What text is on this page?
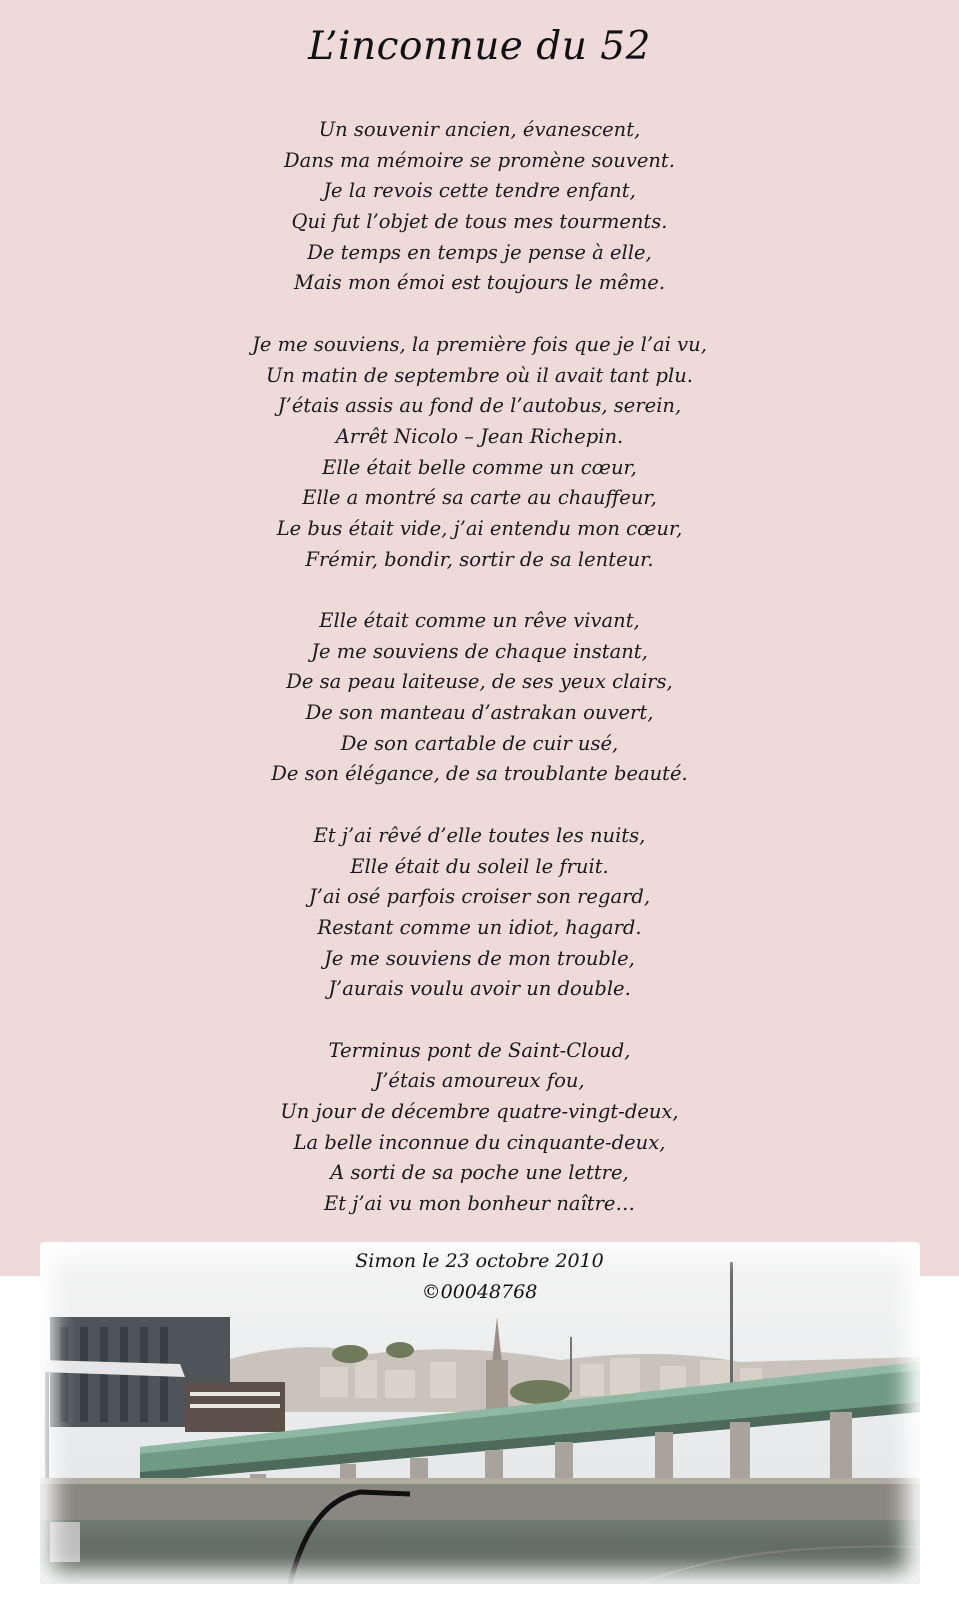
L’inconnue du 52
Un souvenir ancien, évanescent,
Dans ma mémoire se promène souvent.
Je la revois cette tendre enfant,
Qui fut l’objet de tous mes tourments.
De temps en temps je pense à elle,
Mais mon émoi est toujours le même.
Je me souviens, la première fois que je l’ai vu,
Un matin de septembre où il avait tant plu.
J’étais assis au fond de l’autobus, serein,
Arrêt Nicolo – Jean Richepin.
Elle était belle comme un cœur,
Elle a montré sa carte au chauffeur,
Le bus était vide, j’ai entendu mon cœur,
Frémir, bondir, sortir de sa lenteur.
Elle était comme un rêve vivant,
Je me souviens de chaque instant,
De sa peau laiteuse, de ses yeux clairs,
De son manteau d’astrakan ouvert,
De son cartable de cuir usé,
De son élégance, de sa troublante beauté.
Et j’ai rêvé d’elle toutes les nuits,
Elle était du soleil le fruit.
J’ai osé parfois croiser son regard,
Restant comme un idiot, hagard.
Je me souviens de mon trouble,
J’aurais voulu avoir un double.
Terminus pont de Saint-Cloud,
J’étais amoureux fou,
Un jour de décembre quatre-vingt-deux,
La belle inconnue du cinquante-deux,
A sorti de sa poche une lettre,
Et j’ai vu mon bonheur naître…
Simon le 23 octobre 2010
©00048768
